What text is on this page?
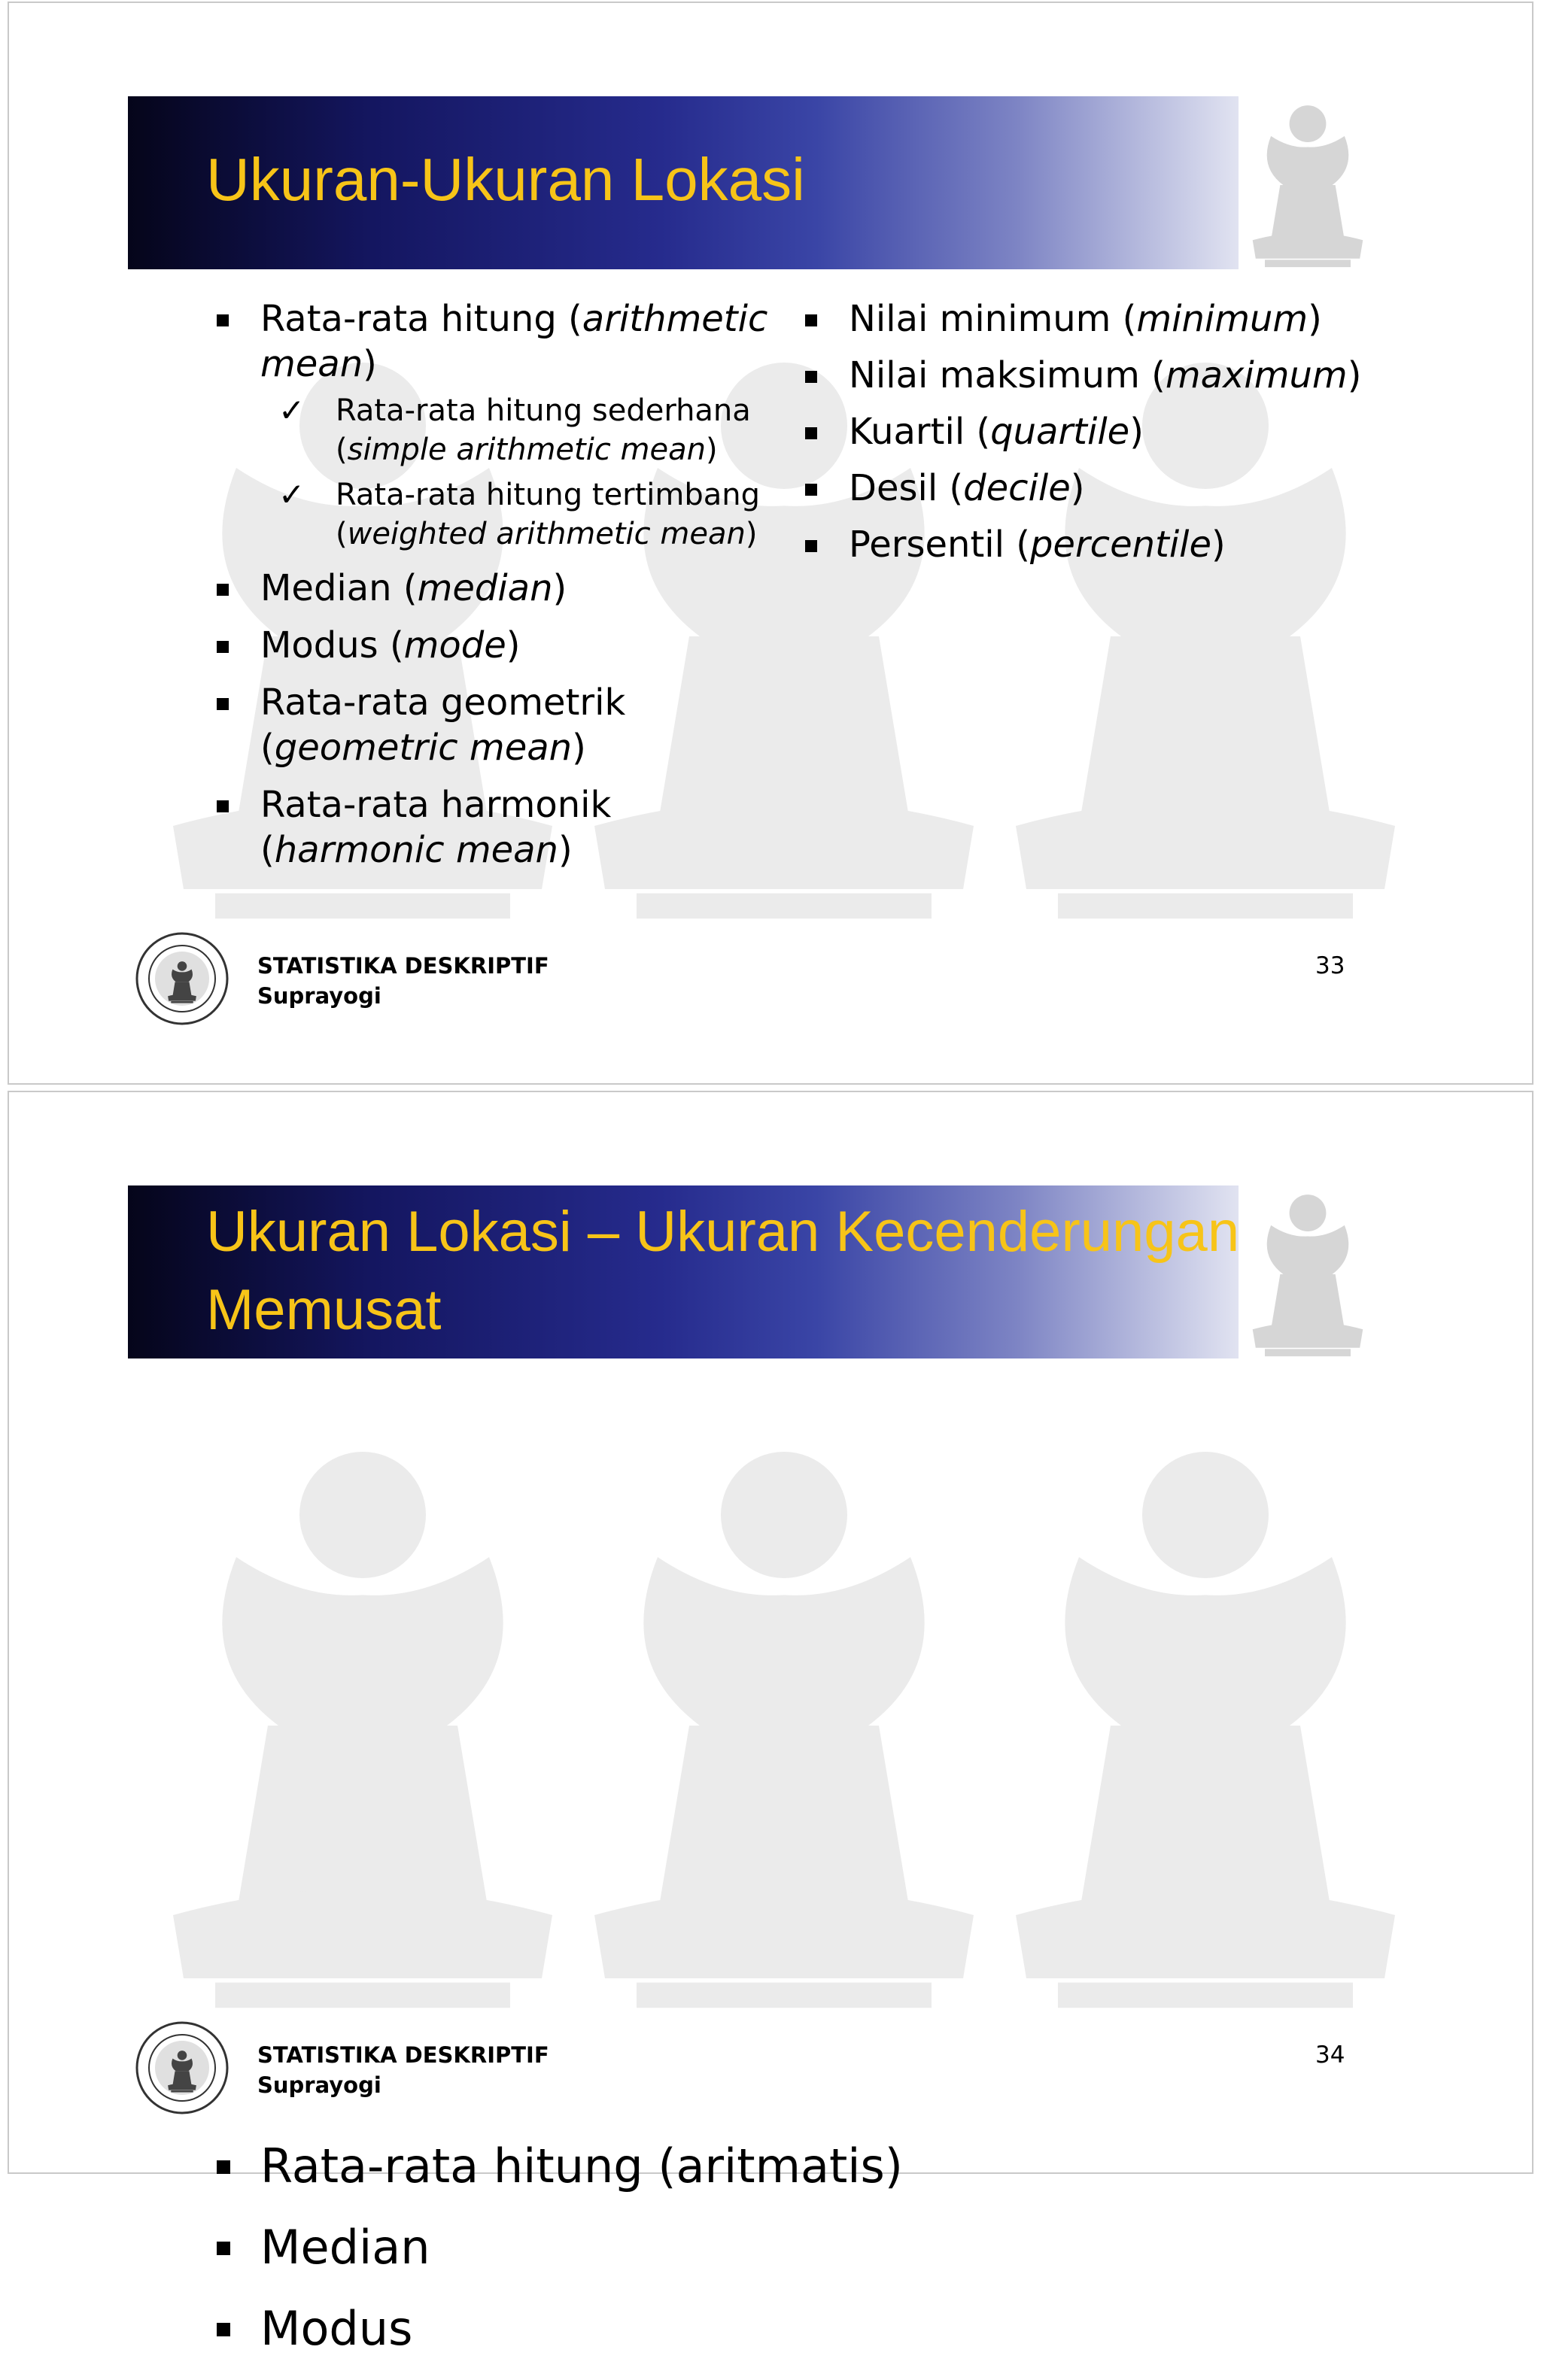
Ukuran-Ukuran Lokasi
Rata-rata hitung (arithmetic mean)
✓ Rata-rata hitung sederhana
(simple arithmetic mean)
✓ Rata-rata hitung tertimbang
(weighted arithmetic mean)
Median (median)
Modus (mode)
Rata-rata geometrik
(geometric mean)
Rata-rata harmonik
(harmonic mean)
Nilai minimum (minimum)
Nilai maksimum (maximum)
Kuartil (quartile)
Desil (decile)
Persentil (percentile)

STATISTIKA DESKRIPTIF

Suprayogi

33
Ukuran Lokasi – Ukuran Kecenderungan
Memusat
Rata-rata hitung (aritmatis)
Median
Modus

STATISTIKA DESKRIPTIF

Suprayogi

34
